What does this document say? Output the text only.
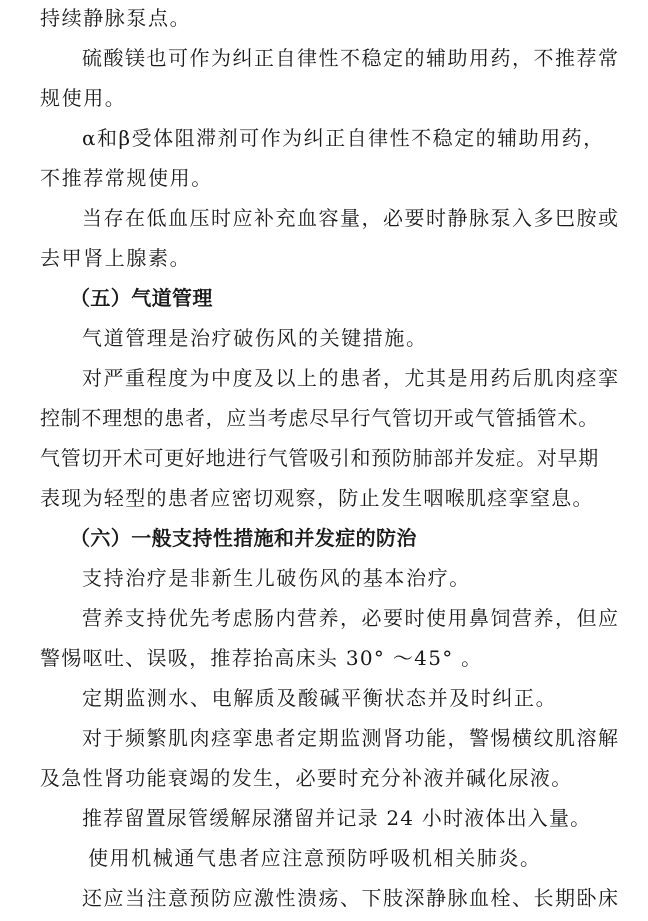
持续静脉泵点。

硫酸镁也可作为纠正自律性不稳定的辅助用药，不推荐常

规使用。

α和β受体阻滞剂可作为纠正自律性不稳定的辅助用药，

不推荐常规使用。

当存在低血压时应补充血容量，必要时静脉泵入多巴胺或

去甲肾上腺素。

（五）气道管理

气道管理是治疗破伤风的关键措施。

对严重程度为中度及以上的患者，尤其是用药后肌肉痉挛

控制不理想的患者，应当考虑尽早行气管切开或气管插管术。

气管切开术可更好地进行气管吸引和预防肺部并发症。对早期

表现为轻型的患者应密切观察，防止发生咽喉肌痉挛窒息。

（六）一般支持性措施和并发症的防治

支持治疗是非新生儿破伤风的基本治疗。

营养支持优先考虑肠内营养，必要时使用鼻饲营养，但应

警惕呕吐、误吸，推荐抬高床头 30° ～45° 。

定期监测水、电解质及酸碱平衡状态并及时纠正。

对于频繁肌肉痉挛患者定期监测肾功能，警惕横纹肌溶解

及急性肾功能衰竭的发生，必要时充分补液并碱化尿液。

推荐留置尿管缓解尿潴留并记录 24 小时液体出入量。

使用机械通气患者应注意预防呼吸机相关肺炎。

还应当注意预防应激性溃疡、下肢深静脉血栓、长期卧床
